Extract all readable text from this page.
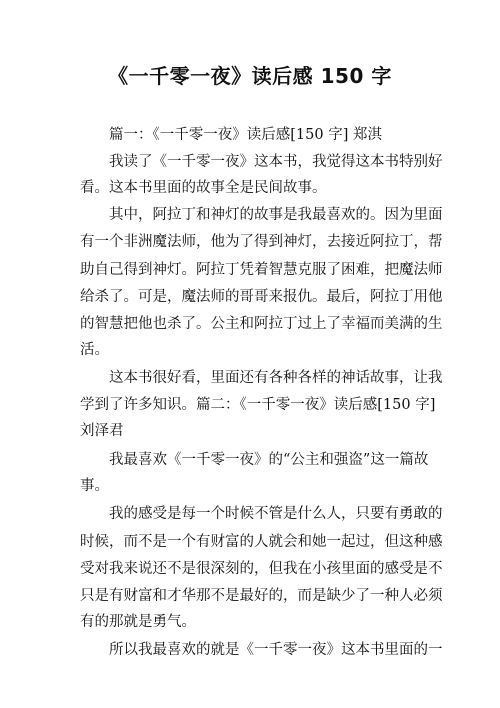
《一千零一夜》读后感 150 字
篇一：《一千零一夜》读后感[150 字] 郑淇
我读了《一千零一夜》这本书，我觉得这本书特别好
看。这本书里面的故事全是民间故事。
其中，阿拉丁和神灯的故事是我最喜欢的。因为里面
有一个非洲魔法师，他为了得到神灯，去接近阿拉丁，帮
助自己得到神灯。阿拉丁凭着智慧克服了困难，把魔法师
给杀了。可是，魔法师的哥哥来报仇。最后，阿拉丁用他
的智慧把他也杀了。公主和阿拉丁过上了幸福而美满的生
活。
这本书很好看，里面还有各种各样的神话故事，让我
学到了许多知识。篇二：《一千零一夜》读后感[150 字]
刘泽君
我最喜欢《一千零一夜》的“公主和强盗”这一篇故
事。
我的感受是每一个时候不管是什么人，只要有勇敢的
时候，而不是一个有财富的人就会和她一起过，但这种感
受对我来说还不是很深刻的，但我在小孩里面的感受是不
只是有财富和才华那不是最好的，而是缺少了一种人必须
有的那就是勇气。
所以我最喜欢的就是《一千零一夜》这本书里面的一
